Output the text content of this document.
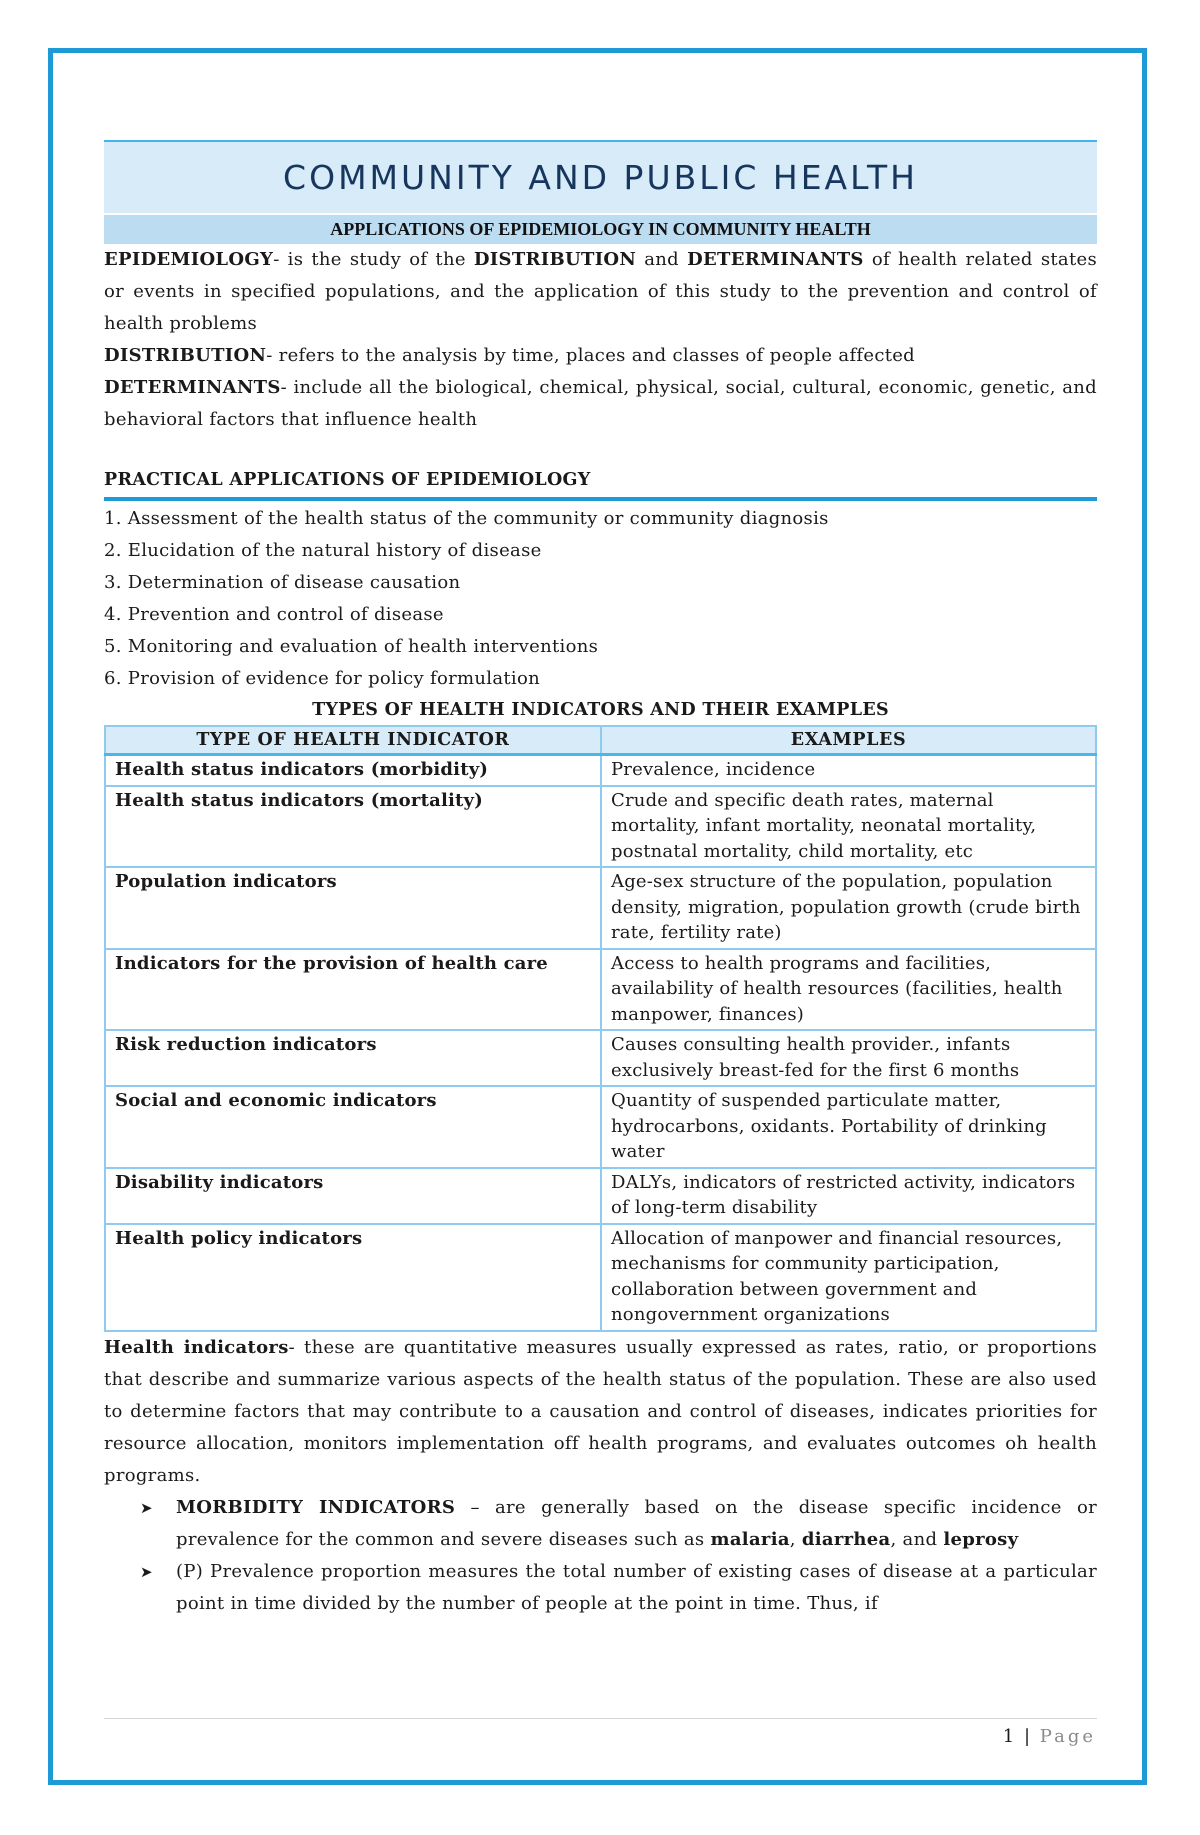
COMMUNITY AND PUBLIC HEALTH
APPLICATIONS OF EPIDEMIOLOGY IN COMMUNITY HEALTH

EPIDEMIOLOGY- is the study of the DISTRIBUTION and DETERMINANTS of health related states or events in specified populations, and the application of this study to the prevention and control of health problems

DISTRIBUTION- refers to the analysis by time, places and classes of people affected

DETERMINANTS- include all the biological, chemical, physical, social, cultural, economic, genetic, and behavioral factors that influence health

PRACTICAL APPLICATIONS OF EPIDEMIOLOGY
1. Assessment of the health status of the community or community diagnosis
2. Elucidation of the natural history of disease
3. Determination of disease causation
4. Prevention and control of disease
5. Monitoring and evaluation of health interventions
6. Provision of evidence for policy formulation
TYPES OF HEALTH INDICATORS AND THEIR EXAMPLES
TYPE OF HEALTH INDICATOR	EXAMPLES
Health status indicators (morbidity)	Prevalence, incidence
Health status indicators (mortality)	Crude and specific death rates, maternal mortality, infant mortality, neonatal mortality, postnatal mortality, child mortality, etc
Population indicators	Age-sex structure of the population, population density, migration, population growth (crude birth rate, fertility rate)
Indicators for the provision of health care	Access to health programs and facilities, availability of health resources (facilities, health manpower, finances)
Risk reduction indicators	Causes consulting health provider., infants exclusively breast-fed for the first 6 months
Social and economic indicators	Quantity of suspended particulate matter, hydrocarbons, oxidants. Portability of drinking water
Disability indicators	DALYs, indicators of restricted activity, indicators of long-term disability
Health policy indicators	Allocation of manpower and financial resources, mechanisms for community participation, collaboration between government and nongovernment organizations

Health indicators- these are quantitative measures usually expressed as rates, ratio, or proportions that describe and summarize various aspects of the health status of the population. These are also used to determine factors that may contribute to a causation and control of diseases, indicates priorities for resource allocation, monitors implementation off health programs, and evaluates outcomes oh health programs.

➤ MORBIDITY INDICATORS – are generally based on the disease specific incidence or prevalence for the common and severe diseases such as malaria, diarrhea, and leprosy
➤ (P) Prevalence proportion measures the total number of existing cases of disease at a particular point in time divided by the number of people at the point in time. Thus, if
1 | Page
